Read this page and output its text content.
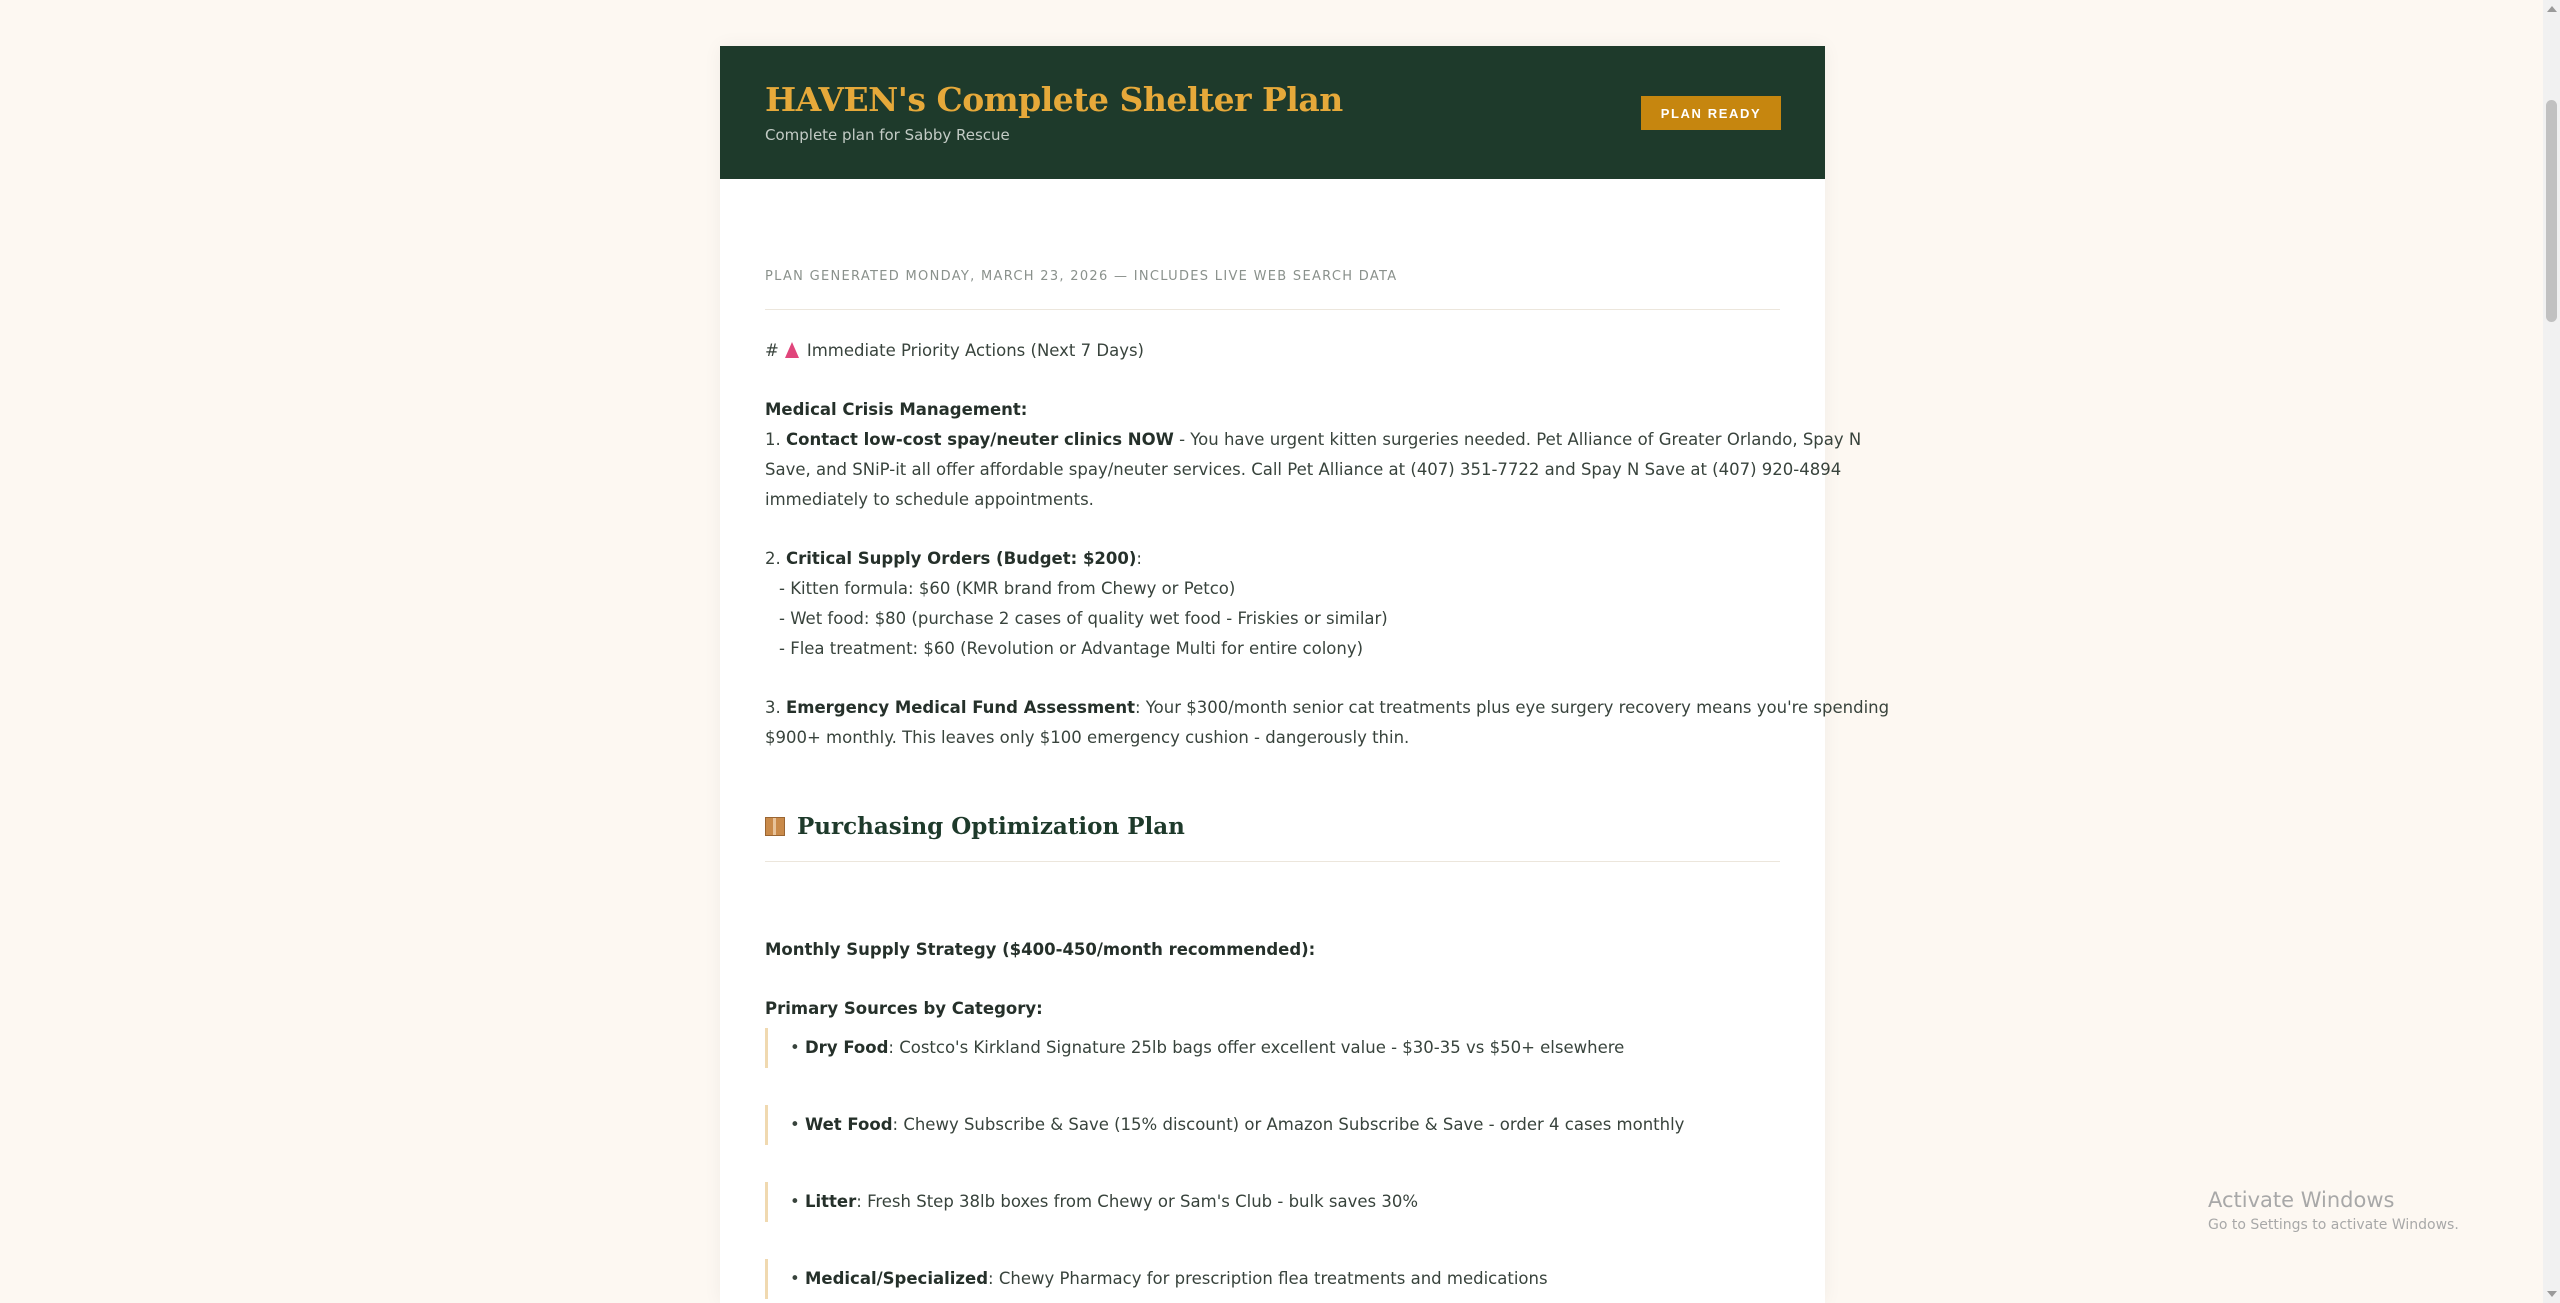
HAVEN's Complete Shelter Plan
Complete plan for Sabby Rescue
PLAN READY
PLAN GENERATED MONDAY, MARCH 23, 2026 — INCLUDES LIVE WEB SEARCH DATA
# Immediate Priority Actions (Next 7 Days)
Medical Crisis Management:
1. Contact low-cost spay/neuter clinics NOW - You have urgent kitten surgeries needed. Pet Alliance of Greater Orlando, Spay N
Save, and SNiP-it all offer affordable spay/neuter services. Call Pet Alliance at (407) 351-7722 and Spay N Save at (407) 920-4894
immediately to schedule appointments.
2. Critical Supply Orders (Budget: $200):
- Kitten formula: $60 (KMR brand from Chewy or Petco)
- Wet food: $80 (purchase 2 cases of quality wet food - Friskies or similar)
- Flea treatment: $60 (Revolution or Advantage Multi for entire colony)
3. Emergency Medical Fund Assessment: Your $300/month senior cat treatments plus eye surgery recovery means you're spending
$900+ monthly. This leaves only $100 emergency cushion - dangerously thin.
Purchasing Optimization Plan
Monthly Supply Strategy ($400-450/month recommended):
Primary Sources by Category:
• Dry Food: Costco's Kirkland Signature 25lb bags offer excellent value - $30-35 vs $50+ elsewhere
• Wet Food: Chewy Subscribe & Save (15% discount) or Amazon Subscribe & Save - order 4 cases monthly
• Litter: Fresh Step 38lb boxes from Chewy or Sam's Club - bulk saves 30%
• Medical/Specialized: Chewy Pharmacy for prescription flea treatments and medications
Activate Windows
Go to Settings to activate Windows.
